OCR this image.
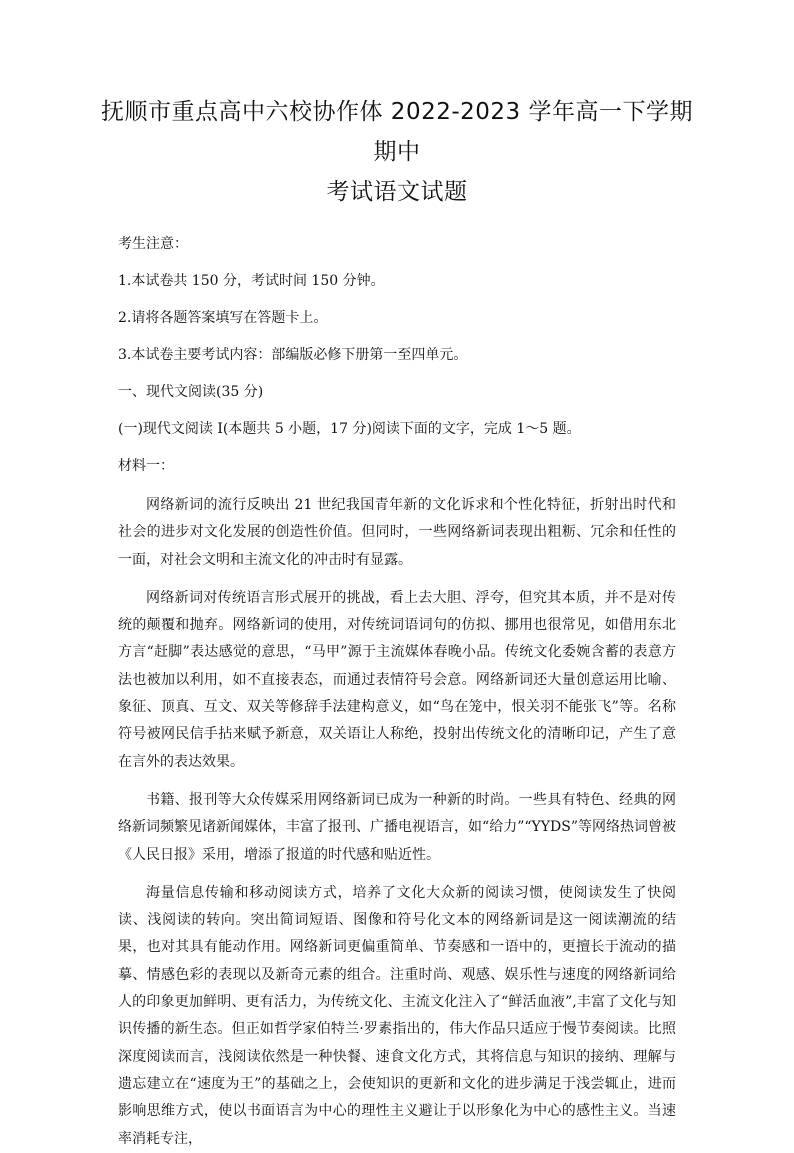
抚顺市重点高中六校协作体 2022-2023 学年高一下学期期中
考试语文试题

考生注意：

1.本试卷共 150 分，考试时间 150 分钟。

2.请将各题答案填写在答题卡上。

3.本试卷主要考试内容：部编版必修下册第一至四单元。

一、现代文阅读(35 分)

(一)现代文阅读 I(本题共 5 小题，17 分)阅读下面的文字，完成 1～5 题。

材料一：

网络新词的流行反映出 21 世纪我国青年新的文化诉求和个性化特征，折射出时代和社会的进步对文化发展的创造性价值。但同时，一些网络新词表现出粗粝、冗余和任性的一面，对社会文明和主流文化的冲击时有显露。

网络新词对传统语言形式展开的挑战，看上去大胆、浮夸，但究其本质，并不是对传统的颠覆和抛弃。网络新词的使用，对传统词语词句的仿拟、挪用也很常见，如借用东北方言“赶脚”表达感觉的意思，“马甲”源于主流媒体春晚小品。传统文化委婉含蓄的表意方法也被加以利用，如不直接表态，而通过表情符号会意。网络新词还大量创意运用比喻、象征、顶真、互文、双关等修辞手法建构意义，如“鸟在笼中，恨关羽不能张飞”等。名称符号被网民信手拈来赋予新意，双关语让人称绝，投射出传统文化的清晰印记，产生了意在言外的表达效果。

书籍、报刊等大众传媒采用网络新词已成为一种新的时尚。一些具有特色、经典的网络新词频繁见诸新闻媒体，丰富了报刊、广播电视语言，如“给力”“YYDS”等网络热词曾被《人民日报》采用，增添了报道的时代感和贴近性。

海量信息传输和移动阅读方式，培养了文化大众新的阅读习惯，使阅读发生了快阅读、浅阅读的转向。突出简词短语、图像和符号化文本的网络新词是这一阅读潮流的结果，也对其具有能动作用。网络新词更偏重简单、节奏感和一语中的，更擅长于流动的描摹、情感色彩的表现以及新奇元素的组合。注重时尚、观感、娱乐性与速度的网络新词给人的印象更加鲜明、更有活力，为传统文化、主流文化注入了“鲜活血液”,丰富了文化与知识传播的新生态。但正如哲学家伯特兰·罗素指出的，伟大作品只适应于慢节奏阅读。比照深度阅读而言，浅阅读依然是一种快餐、速食文化方式，其将信息与知识的接纳、理解与遗忘建立在“速度为王”的基础之上，会使知识的更新和文化的进步满足于浅尝辄止，进而影响思维方式，使以书面语言为中心的理性主义避让于以形象化为中心的感性主义。当速率消耗专注，
